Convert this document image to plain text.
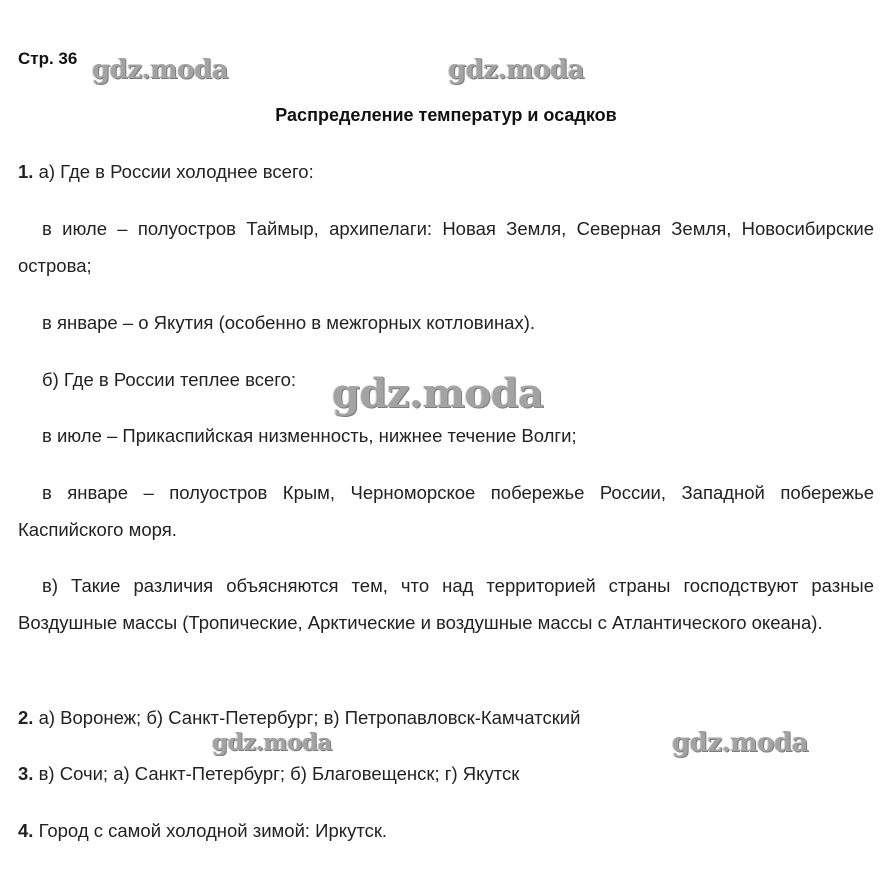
Стр. 36
Распределение температур и осадков
1. а) Где в России холоднее всего:
в июле – полуостров Таймыр, архипелаги: Новая Земля, Северная Земля, Новосибирские острова;
в январе – о Якутия (особенно в межгорных котловинах).
б) Где в России теплее всего:
в июле – Прикаспийская низменность, нижнее течение Волги;
в январе – полуостров Крым, Черноморское побережье России, Западной побережье Каспийского моря.
в) Такие различия объясняются тем, что над территорией страны господствуют разные Воздушные массы (Тропические, Арктические и воздушные массы с Атлантического океана).
2. а) Воронеж; б) Санкт-Петербург; в) Петропавловск-Камчатский
3. в) Сочи; а) Санкт-Петербург; б) Благовещенск; г) Якутск
4. Город с самой холодной зимой: Иркутск.
gdz.moda	gdz.moda
gdz.moda
gdz.moda	gdz.moda
